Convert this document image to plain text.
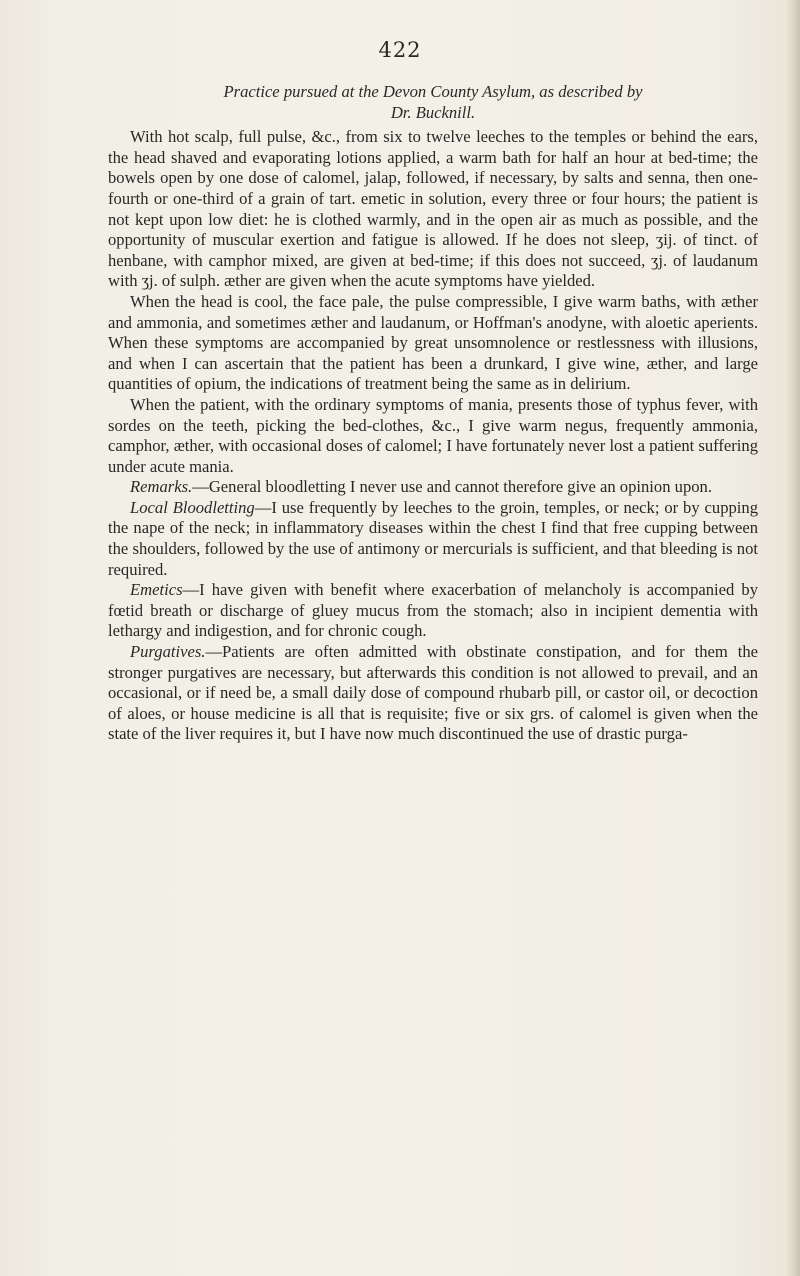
422
Practice pursued at the Devon County Asylum, as described by
Dr. Bucknill.

With hot scalp, full pulse, &c., from six to twelve leeches to the temples or behind the ears, the head shaved and evaporating lotions applied, a warm bath for half an hour at bed-time; the bowels open by one dose of calomel, jalap, followed, if necessary, by salts and senna, then one-fourth or one-third of a grain of tart. emetic in solution, every three or four hours; the patient is not kept upon low diet: he is clothed warmly, and in the open air as much as possible, and the opportunity of muscular exertion and fatigue is allowed. If he does not sleep, ʒij. of tinct. of henbane, with camphor mixed, are given at bed-time; if this does not succeed, ʒj. of laudanum with ʒj. of sulph. æther are given when the acute symptoms have yielded.

When the head is cool, the face pale, the pulse compressible, I give warm baths, with æther and ammonia, and sometimes æther and laudanum, or Hoffman's anodyne, with aloetic aperients. When these symptoms are accompanied by great unsomnolence or restlessness with illusions, and when I can ascertain that the patient has been a drunkard, I give wine, æther, and large quantities of opium, the indications of treatment being the same as in delirium.

When the patient, with the ordinary symptoms of mania, presents those of typhus fever, with sordes on the teeth, picking the bed-clothes, &c., I give warm negus, frequently ammonia, camphor, æther, with occasional doses of calomel; I have fortunately never lost a patient suffering under acute mania.

Remarks.—General bloodletting I never use and cannot therefore give an opinion upon.

Local Bloodletting—I use frequently by leeches to the groin, temples, or neck; or by cupping the nape of the neck; in inflammatory diseases within the chest I find that free cupping between the shoulders, followed by the use of antimony or mercurials is sufficient, and that bleeding is not required.

Emetics—I have given with benefit where exacerbation of melancholy is accompanied by fœtid breath or discharge of gluey mucus from the stomach; also in incipient dementia with lethargy and indigestion, and for chronic cough.

Purgatives.—Patients are often admitted with obstinate constipation, and for them the stronger purgatives are necessary, but afterwards this condition is not allowed to prevail, and an occasional, or if need be, a small daily dose of compound rhubarb pill, or castor oil, or decoction of aloes, or house medicine is all that is requisite; five or six grs. of calomel is given when the state of the liver requires it, but I have now much discontinued the use of drastic purga-
